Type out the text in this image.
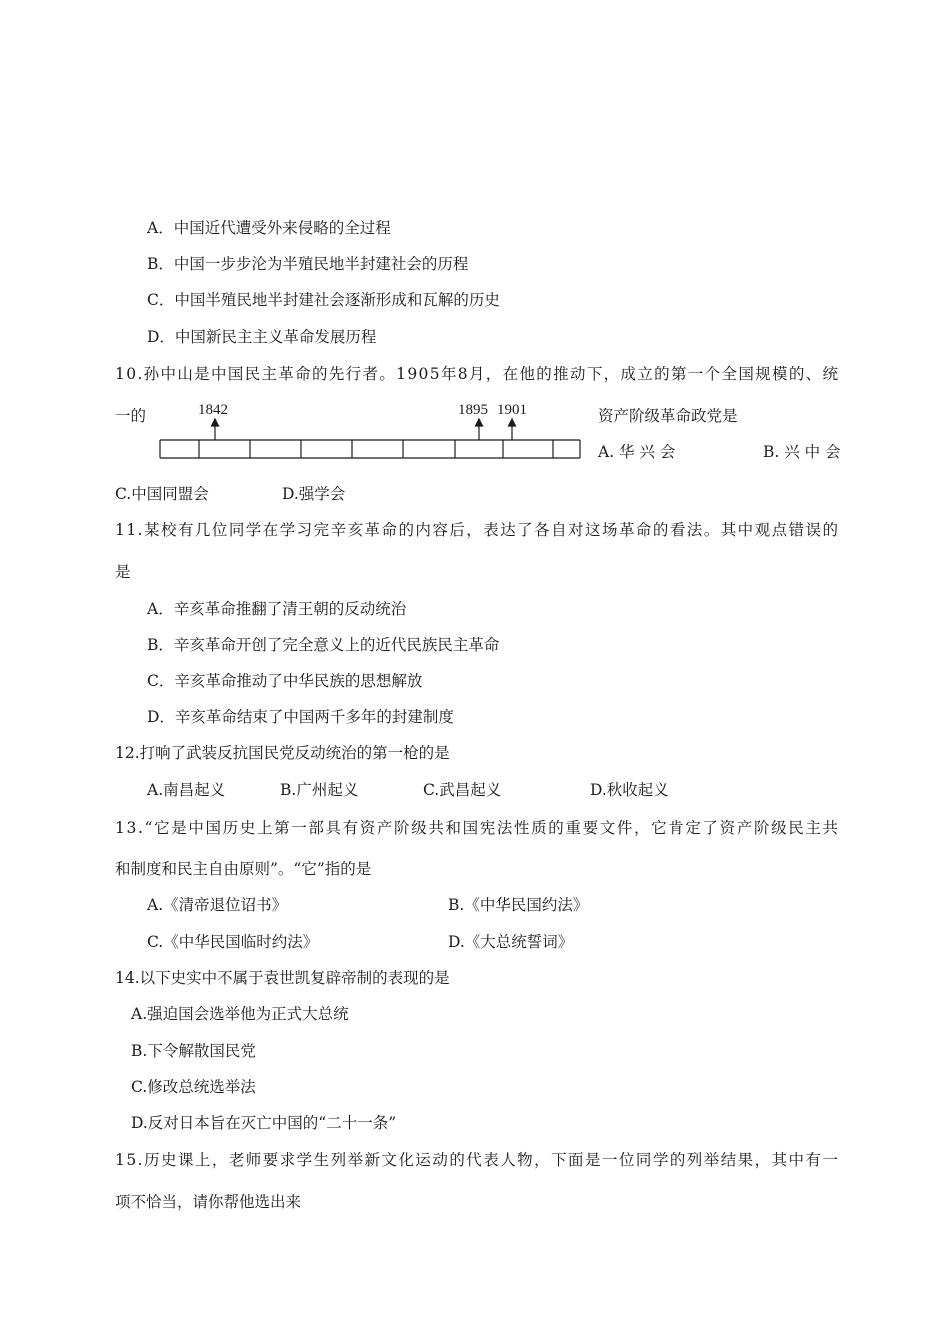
A．中国近代遭受外来侵略的全过程
B．中国一步步沦为半殖民地半封建社会的历程
C．中国半殖民地半封建社会逐渐形成和瓦解的历史
D．中国新民主主义革命发展历程
10.孙中山是中国民主革命的先行者。1905年8月，在他的推动下，成立的第一个全国规模的、统
一的	1842	1895 1901	资产阶级革命政党是
A. 华 兴 会	B. 兴 中 会
C.中国同盟会	D.强学会
11.某校有几位同学在学习完辛亥革命的内容后，表达了各自对这场革命的看法。其中观点错误的
是
A．辛亥革命推翻了清王朝的反动统治
B．辛亥革命开创了完全意义上的近代民族民主革命
C．辛亥革命推动了中华民族的思想解放
D．辛亥革命结束了中国两千多年的封建制度
12.打响了武装反抗国民党反动统治的第一枪的是
A.南昌起义	B.广州起义	C.武昌起义	D.秋收起义
13.“它是中国历史上第一部具有资产阶级共和国宪法性质的重要文件，它肯定了资产阶级民主共
和制度和民主自由原则”。“它”指的是
A.《清帝退位诏书》	B.《中华民国约法》
C.《中华民国临时约法》	D.《大总统誓词》
14.以下史实中不属于袁世凯复辟帝制的表现的是
A.强迫国会选举他为正式大总统
B.下令解散国民党
C.修改总统选举法
D.反对日本旨在灭亡中国的“二十一条”
15.历史课上，老师要求学生列举新文化运动的代表人物，下面是一位同学的列举结果，其中有一
项不恰当，请你帮他选出来
